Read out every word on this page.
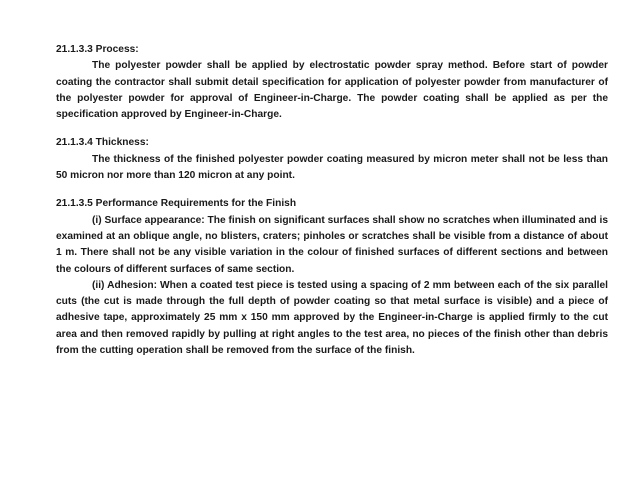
21.1.3.3 Process:

The polyester powder shall be applied by electrostatic powder spray method. Before start of powder coating the contractor shall submit detail specification for application of polyester powder from manufacturer of the polyester powder for approval of Engineer-in-Charge. The powder coating shall be applied as per the specification approved by Engineer-in-Charge.

21.1.3.4 Thickness:

The thickness of the finished polyester powder coating measured by micron meter shall not be less than 50 micron nor more than 120 micron at any point.

21.1.3.5 Performance Requirements for the Finish

(i) Surface appearance: The finish on significant surfaces shall show no scratches when illuminated and is examined at an oblique angle, no blisters, craters; pinholes or scratches shall be visible from a distance of about 1 m. There shall not be any visible variation in the colour of finished surfaces of different sections and between the colours of different surfaces of same section.

(ii) Adhesion: When a coated test piece is tested using a spacing of 2 mm between each of the six parallel cuts (the cut is made through the full depth of powder coating so that metal surface is visible) and a piece of adhesive tape, approximately 25 mm x 150 mm approved by the Engineer-in-Charge is applied firmly to the cut area and then removed rapidly by pulling at right angles to the test area, no pieces of the finish other than debris from the cutting operation shall be removed from the surface of the finish.
